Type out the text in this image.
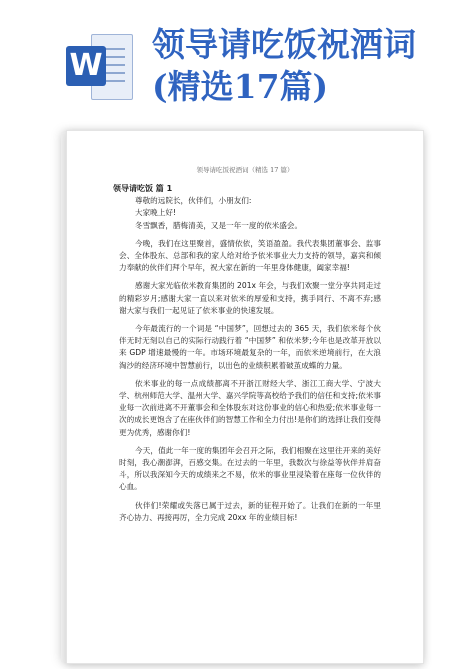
W
领导请吃饭祝酒词
(精选17篇)
领导请吃饭祝酒词（精选 17 篇）
领导请吃饭 篇 1

尊敬的远院长，伙伴们，小朋友们:

大家晚上好!

冬雪飘香，腊梅清美，又是一年一度的依米盛会。

今晚，我们在这里聚首，盛情依依，笑语盈盈。我代表集团董事会、监事会、全体股东、总部和我的家人给对给予依米事业大力支持的领导，嘉宾和倾力奉献的伙伴们拜个早年，祝大家在新的一年里身体健康，阖家幸福!

感谢大家光临依米教育集团的 201x 年会，与我们欢聚一堂分享共同走过的精彩岁月;感谢大家一直以来对依米的厚爱和支持，携手同行、不离不弃;感谢大家与我们一起见证了依米事业的快速发展。

今年最流行的一个词是 “中国梦”，回想过去的 365 天，我们依米每个伙伴无时无刻以自己的实际行动践行着 “中国梦” 和依米梦;今年也是改革开放以来 GDP 增速最慢的一年。市场环境最复杂的一年，而依米逆境前行，在大浪淘沙的经济环境中智慧前行，以出色的业绩积累着破茧成蝶的力量。

依米事业的每一点成绩都离不开浙江财经大学、浙江工商大学、宁波大学、杭州师范大学、温州大学、嘉兴学院等高校给予我们的信任和支持;依米事业每一次前进离不开董事会和全体股东对这份事业的信心和热爱;依米事业每一次的成长更饱含了在座伙伴们的智慧工作和全力付出!是你们的选择让我们变得更为优秀，感谢你们!

今天，值此一年一度的集团年会召开之际，我们相聚在这里往开来的美好时刻，我心潮澎湃，百感交集。在过去的一年里，我数次与徐益等伙伴并肩奋斗，所以我深知今天的成绩来之不易，依米的事业里浸染着在座每一位伙伴的心血。

伙伴们!荣耀或失落已属于过去，新的征程开始了。让我们在新的一年里齐心协力、再接再厉，全力完成 20xx 年的业绩目标!
